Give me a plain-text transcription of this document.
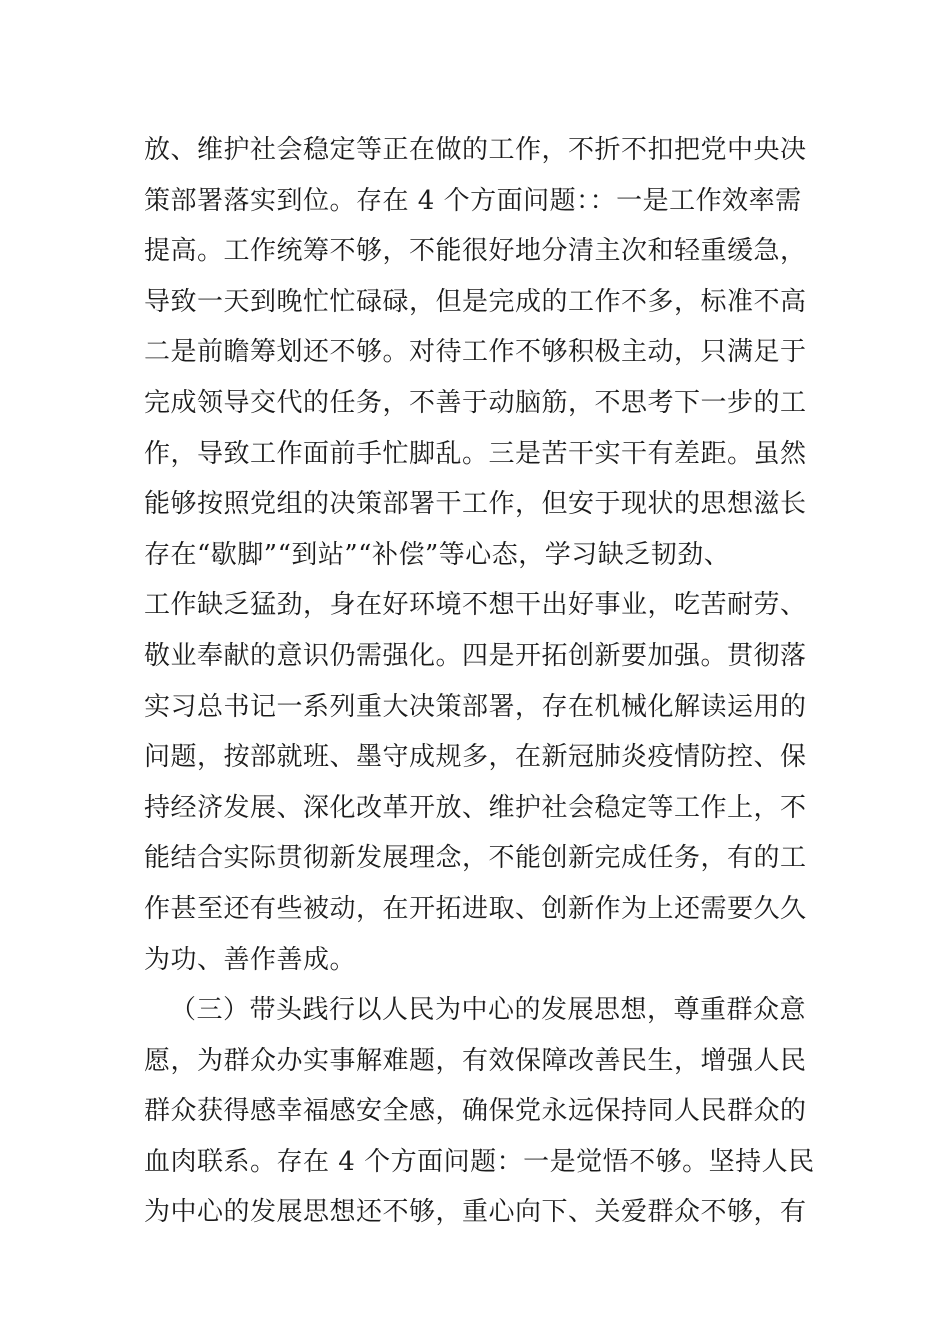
放、维护社会稳定等正在做的工作，不折不扣把党中央决
策部署落实到位。存在 4 个方面问题：：一是工作效率需
提高。工作统筹不够，不能很好地分清主次和轻重缓急，
导致一天到晚忙忙碌碌，但是完成的工作不多，标准不高
二是前瞻筹划还不够。对待工作不够积极主动，只满足于
完成领导交代的任务，不善于动脑筋，不思考下一步的工
作，导致工作面前手忙脚乱。三是苦干实干有差距。虽然
能够按照党组的决策部署干工作，但安于现状的思想滋长
存在“歇脚”“到站”“补偿”等心态，学习缺乏韧劲、
工作缺乏猛劲，身在好环境不想干出好事业，吃苦耐劳、
敬业奉献的意识仍需强化。四是开拓创新要加强。贯彻落
实习总书记一系列重大决策部署，存在机械化解读运用的
问题，按部就班、墨守成规多，在新冠肺炎疫情防控、保
持经济发展、深化改革开放、维护社会稳定等工作上，不
能结合实际贯彻新发展理念，不能创新完成任务，有的工
作甚至还有些被动，在开拓进取、创新作为上还需要久久
为功、善作善成。
（三）带头践行以人民为中心的发展思想，尊重群众意
愿，为群众办实事解难题，有效保障改善民生，增强人民
群众获得感幸福感安全感，确保党永远保持同人民群众的
血肉联系。存在 4 个方面问题：一是觉悟不够。坚持人民
为中心的发展思想还不够，重心向下、关爱群众不够，有
